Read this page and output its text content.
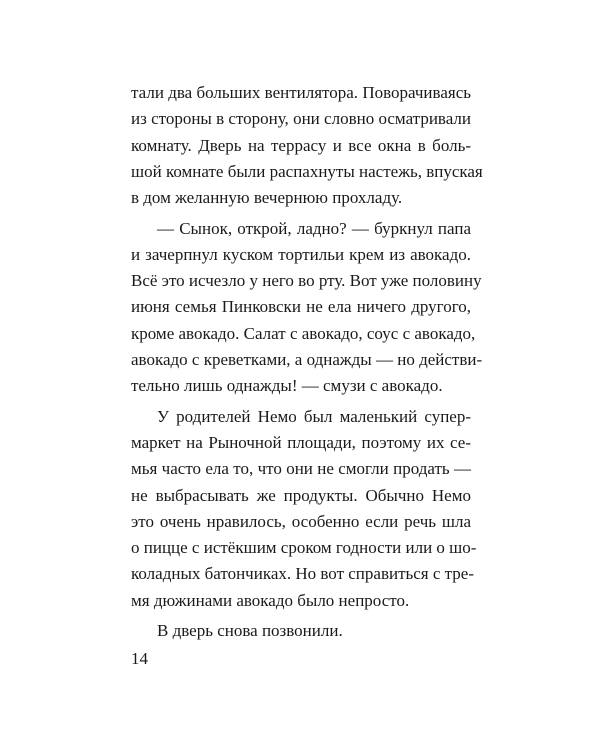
тали два больших вентилятора. Поворачиваясь
из стороны в сторону, они словно осматривали
комнату. Дверь на террасу и все окна в боль-
шой комнате были распахнуты настежь, впуская
в дом желанную вечернюю прохладу.
— Сынок, открой, ладно? — буркнул папа
и зачерпнул куском тортильи крем из авокадо.
Всё это исчезло у него во рту. Вот уже половину
июня семья Пинковски не ела ничего другого,
кроме авокадо. Салат с авокадо, соус с авокадо,
авокадо с креветками, а однажды — но действи-
тельно лишь однажды! — смузи с авокадо.
У родителей Немо был маленький супер-
маркет на Рыночной площади, поэтому их се-
мья часто ела то, что они не смогли продать —
не выбрасывать же продукты. Обычно Немо
это очень нравилось, особенно если речь шла
о пицце с истёкшим сроком годности или о шо-
коладных батончиках. Но вот справиться с тре-
мя дюжинами авокадо было непросто.
В дверь снова позвонили.
14
